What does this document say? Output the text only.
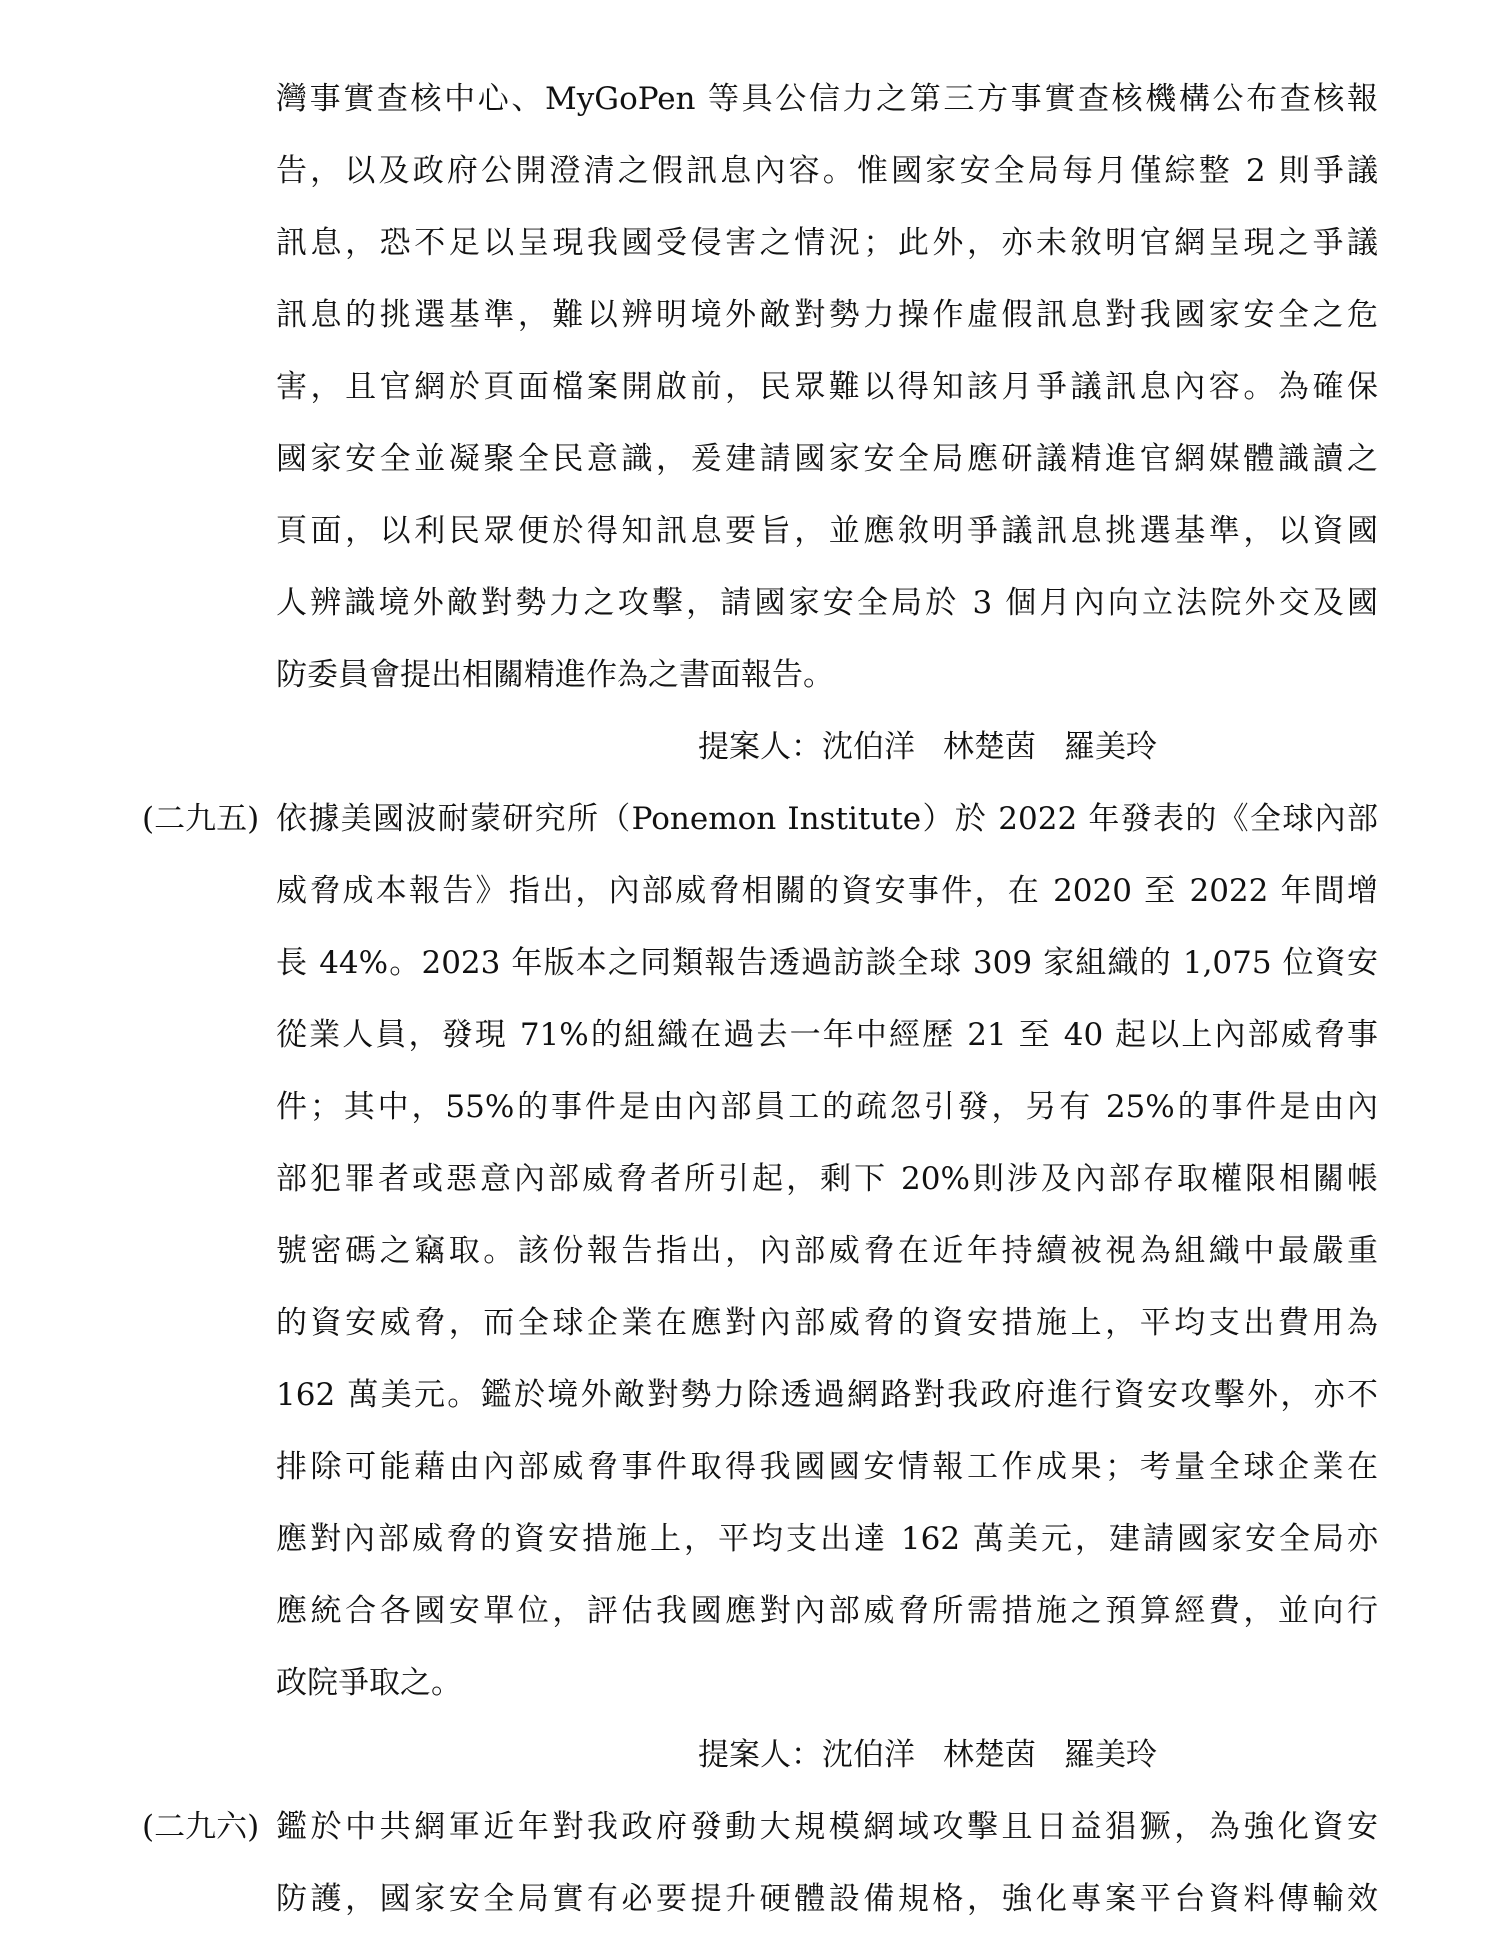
灣事實查核中心、MyGoPen 等具公信力之第三方事實查核機構公布查核報
告，以及政府公開澄清之假訊息內容。惟國家安全局每月僅綜整 2 則爭議
訊息，恐不足以呈現我國受侵害之情況；此外，亦未敘明官網呈現之爭議
訊息的挑選基準，難以辨明境外敵對勢力操作虛假訊息對我國家安全之危
害，且官網於頁面檔案開啟前，民眾難以得知該月爭議訊息內容。為確保
國家安全並凝聚全民意識，爰建請國家安全局應研議精進官網媒體識讀之
頁面，以利民眾便於得知訊息要旨，並應敘明爭議訊息挑選基準，以資國
人辨識境外敵對勢力之攻擊，請國家安全局於 3 個月內向立法院外交及國
防委員會提出相關精進作為之書面報告。
提案人：沈伯洋 林楚茵 羅美玲
(二九五) 依據美國波耐蒙研究所（Ponemon Institute）於 2022 年發表的《全球內部
威脅成本報告》指出，內部威脅相關的資安事件，在 2020 至 2022 年間增
長 44%。2023 年版本之同類報告透過訪談全球 309 家組織的 1,075 位資安
從業人員，發現 71%的組織在過去一年中經歷 21 至 40 起以上內部威脅事
件；其中，55%的事件是由內部員工的疏忽引發，另有 25%的事件是由內
部犯罪者或惡意內部威脅者所引起，剩下 20%則涉及內部存取權限相關帳
號密碼之竊取。該份報告指出，內部威脅在近年持續被視為組織中最嚴重
的資安威脅，而全球企業在應對內部威脅的資安措施上，平均支出費用為
162 萬美元。鑑於境外敵對勢力除透過網路對我政府進行資安攻擊外，亦不
排除可能藉由內部威脅事件取得我國國安情報工作成果；考量全球企業在
應對內部威脅的資安措施上，平均支出達 162 萬美元，建請國家安全局亦
應統合各國安單位，評估我國應對內部威脅所需措施之預算經費，並向行
政院爭取之。
提案人：沈伯洋 林楚茵 羅美玲
(二九六) 鑑於中共網軍近年對我政府發動大規模網域攻擊且日益猖獗，為強化資安
防護，國家安全局實有必要提升硬體設備規格，強化專案平台資料傳輸效
